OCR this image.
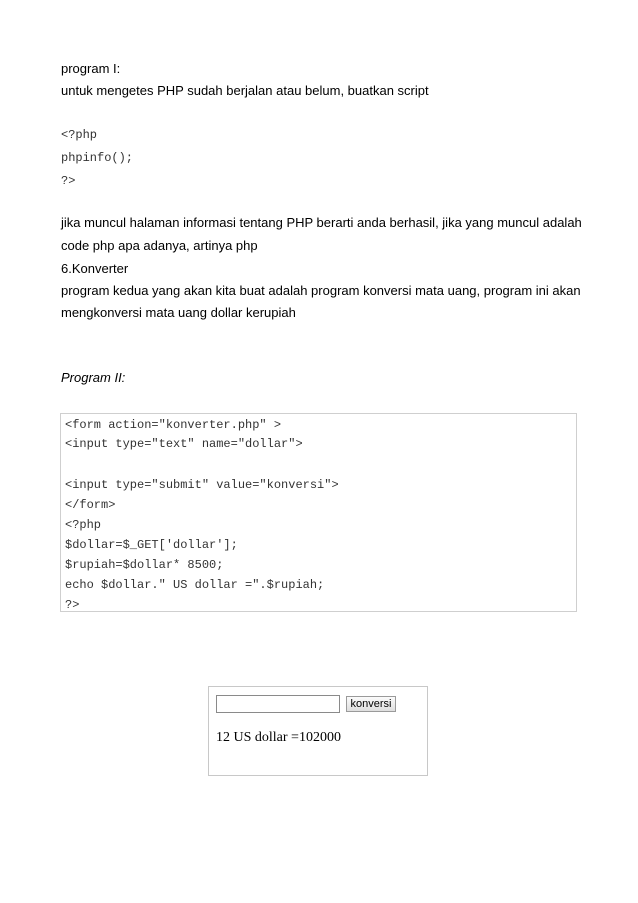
program I:
untuk mengetes PHP sudah berjalan atau belum, buatkan script
<?php
phpinfo();
?>
jika muncul halaman informasi tentang PHP berarti anda berhasil, jika yang muncul adalah
code php apa adanya, artinya php
6.Konverter
program kedua yang akan kita buat adalah program konversi mata uang, program ini akan
mengkonversi mata uang dollar kerupiah
Program II:
<form action="konverter.php" >
<input type="text" name="dollar">
<input type="submit" value="konversi">
</form>
<?php
$dollar=$_GET['dollar'];
$rupiah=$dollar* 8500;
echo $dollar." US dollar =".$rupiah;
?>
konversi
12 US dollar =102000
